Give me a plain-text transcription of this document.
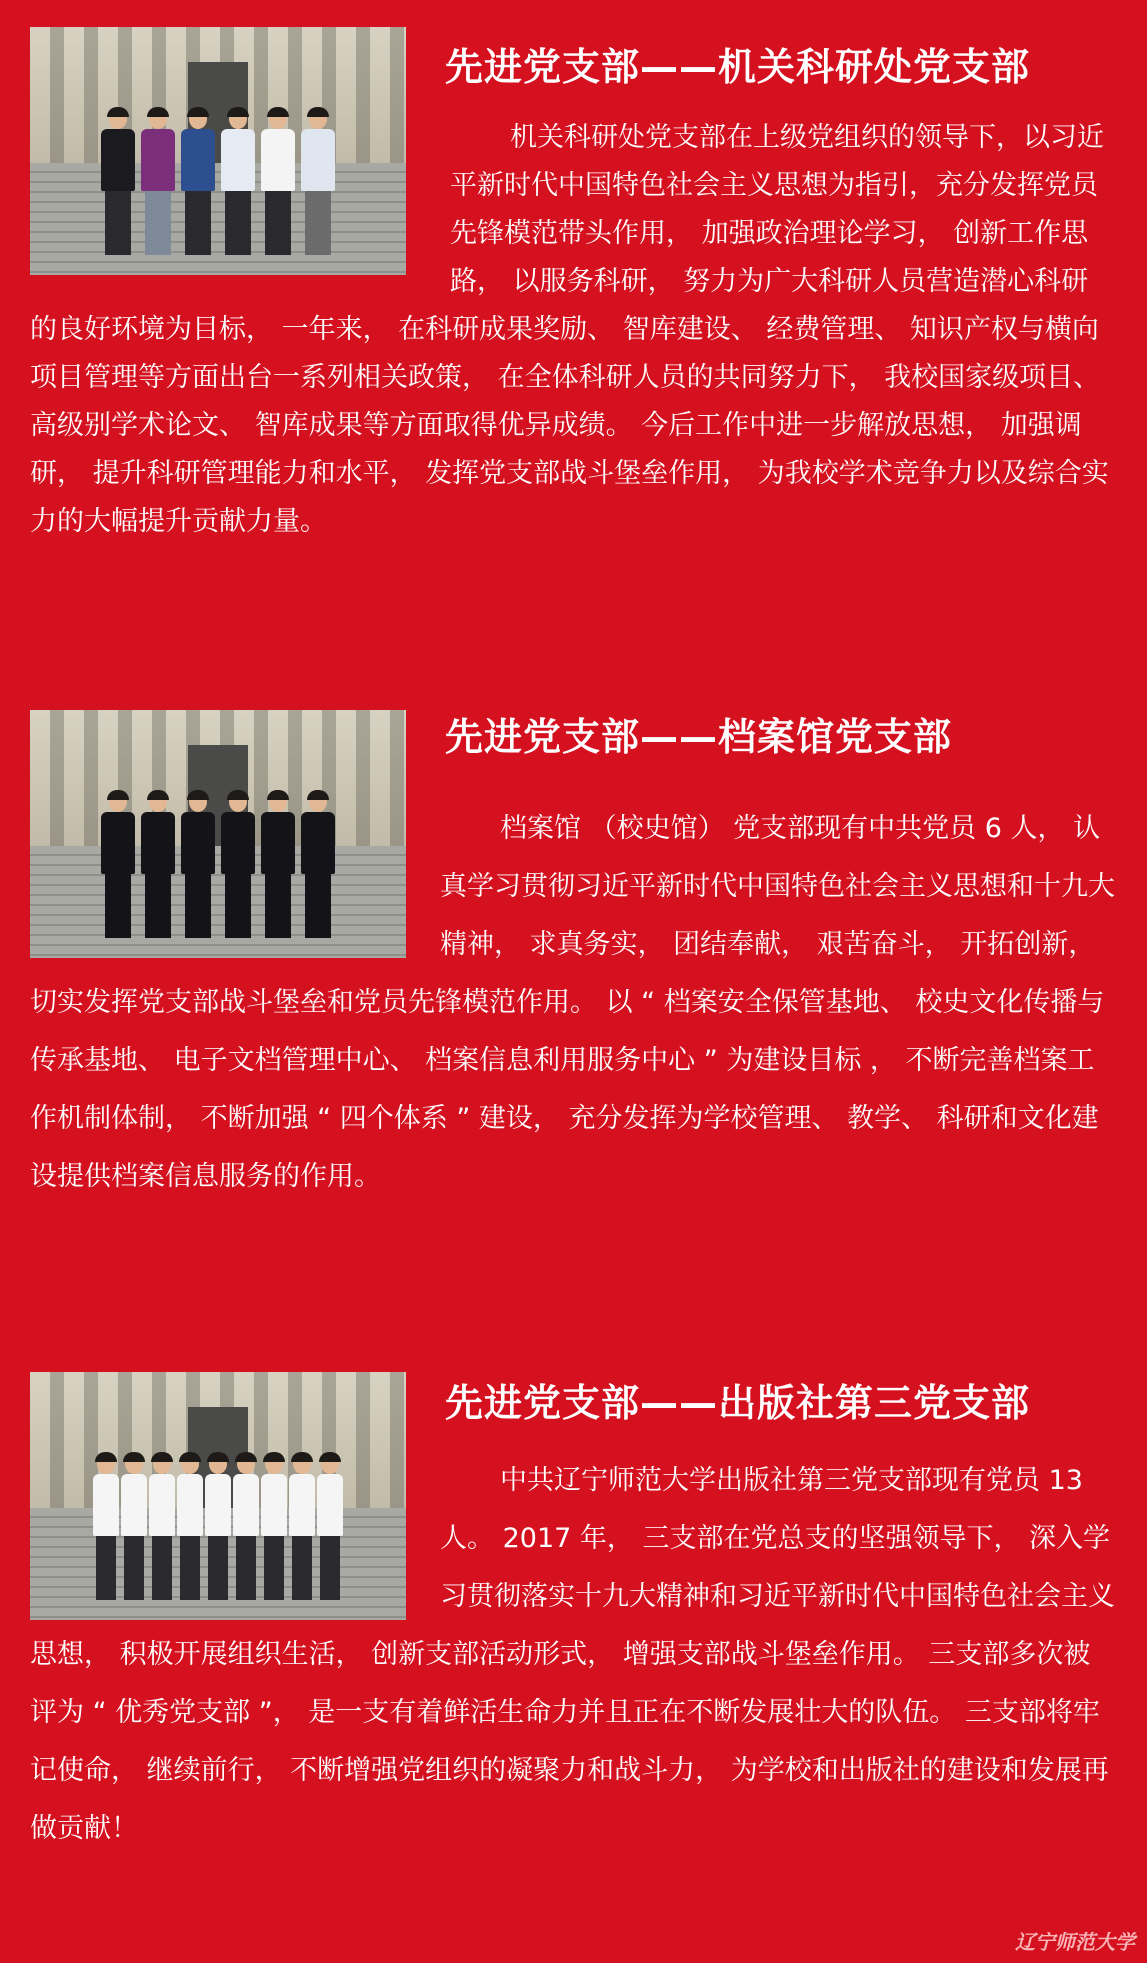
先进党支部——机关科研处党支部

机关科研处党支部在上级党组织的领导下，以习近平新时代中国特色社会主义思想为指引，充分发挥党员先锋模范带头作用， 加强政治理论学习， 创新工作思路， 以服务科研， 努力为广大科研人员营造潜心科研的良好环境为目标， 一年来， 在科研成果奖励、 智库建设、 经费管理、 知识产权与横向项目管理等方面出台一系列相关政策， 在全体科研人员的共同努力下， 我校国家级项目、 高级别学术论文、 智库成果等方面取得优异成绩。 今后工作中进一步解放思想， 加强调研， 提升科研管理能力和水平， 发挥党支部战斗堡垒作用， 为我校学术竞争力以及综合实力的大幅提升贡献力量。

先进党支部——档案馆党支部

档案馆 （校史馆） 党支部现有中共党员 6 人， 认真学习贯彻习近平新时代中国特色社会主义思想和十九大精神， 求真务实， 团结奉献， 艰苦奋斗， 开拓创新， 切实发挥党支部战斗堡垒和党员先锋模范作用。 以 “ 档案安全保管基地、 校史文化传播与传承基地、 电子文档管理中心、 档案信息利用服务中心 ” 为建设目标 ， 不断完善档案工作机制体制， 不断加强 “ 四个体系 ” 建设， 充分发挥为学校管理、 教学、 科研和文化建设提供档案信息服务的作用。

先进党支部——出版社第三党支部

中共辽宁师范大学出版社第三党支部现有党员 13 人。 2017 年， 三支部在党总支的坚强领导下， 深入学习贯彻落实十九大精神和习近平新时代中国特色社会主义思想， 积极开展组织生活， 创新支部活动形式， 增强支部战斗堡垒作用。 三支部多次被评为 “ 优秀党支部 ”， 是一支有着鲜活生命力并且正在不断发展壮大的队伍。 三支部将牢记使命， 继续前行， 不断增强党组织的凝聚力和战斗力， 为学校和出版社的建设和发展再做贡献！

辽宁师范大学
